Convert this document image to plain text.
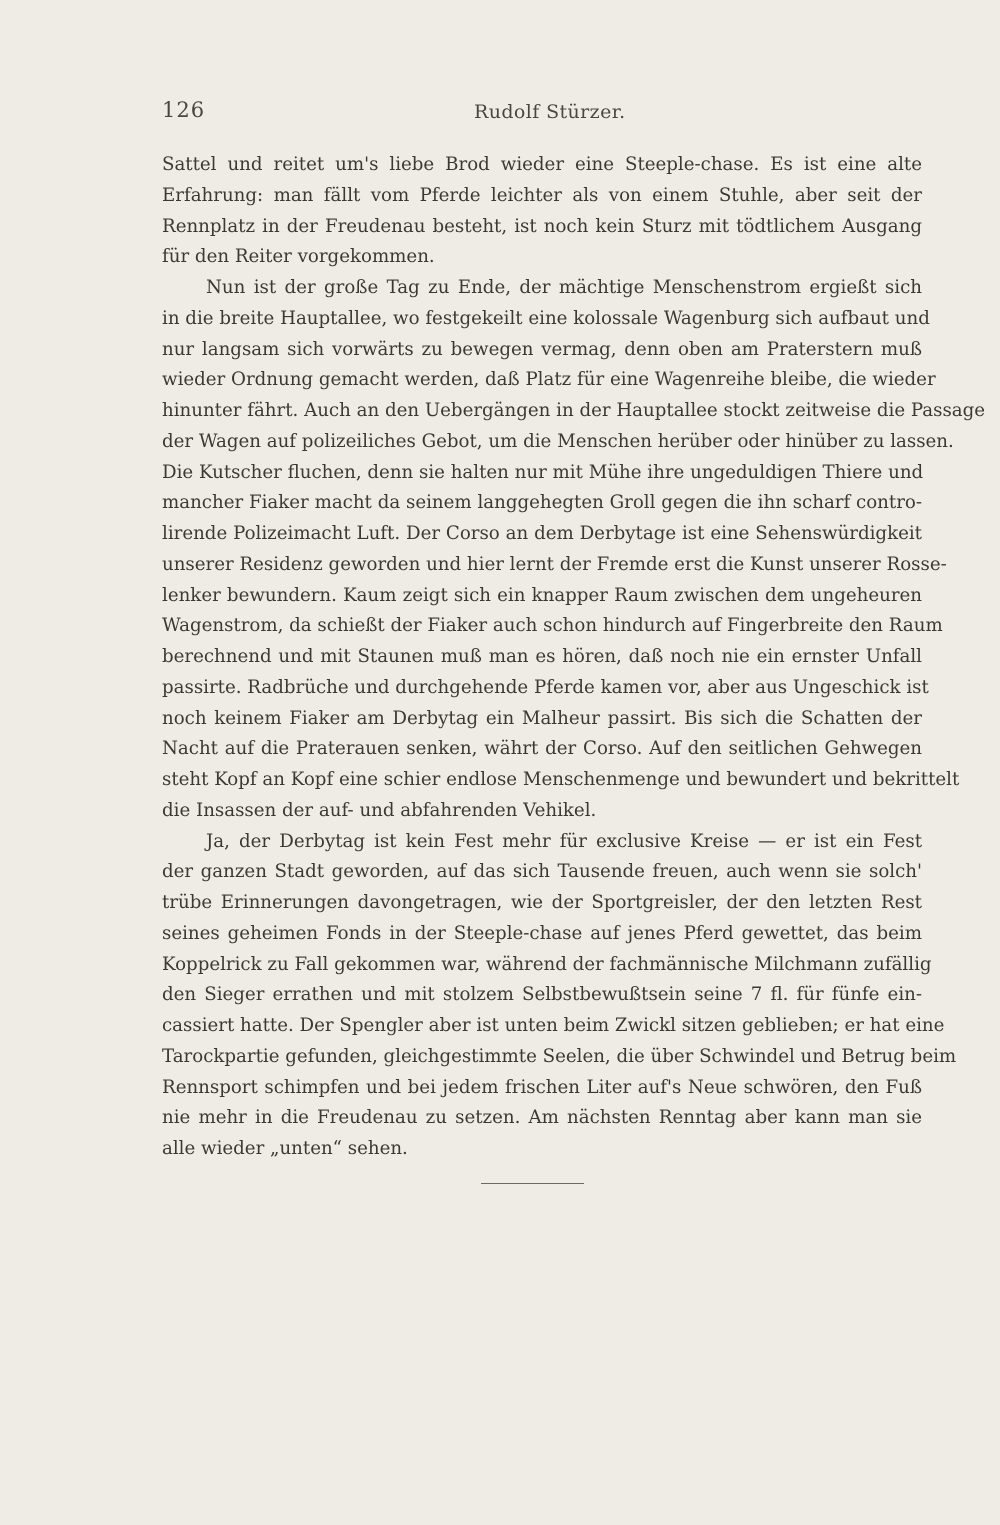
126	Rudolf Stürzer.
Sattel und reitet um's liebe Brod wieder eine Steeple-chase. Es ist eine alte
Erfahrung: man fällt vom Pferde leichter als von einem Stuhle, aber seit der
Rennplatz in der Freudenau besteht, ist noch kein Sturz mit tödtlichem Ausgang
für den Reiter vorgekommen.
Nun ist der große Tag zu Ende, der mächtige Menschenstrom ergießt sich
in die breite Hauptallee, wo festgekeilt eine kolossale Wagenburg sich aufbaut und
nur langsam sich vorwärts zu bewegen vermag, denn oben am Praterstern muß
wieder Ordnung gemacht werden, daß Platz für eine Wagenreihe bleibe, die wieder
hinunter fährt. Auch an den Uebergängen in der Hauptallee stockt zeitweise die Passage
der Wagen auf polizeiliches Gebot, um die Menschen herüber oder hinüber zu lassen.
Die Kutscher fluchen, denn sie halten nur mit Mühe ihre ungeduldigen Thiere und
mancher Fiaker macht da seinem langgehegten Groll gegen die ihn scharf contro-
lirende Polizeimacht Luft. Der Corso an dem Derbytage ist eine Sehenswürdigkeit
unserer Residenz geworden und hier lernt der Fremde erst die Kunst unserer Rosse-
lenker bewundern. Kaum zeigt sich ein knapper Raum zwischen dem ungeheuren
Wagenstrom, da schießt der Fiaker auch schon hindurch auf Fingerbreite den Raum
berechnend und mit Staunen muß man es hören, daß noch nie ein ernster Unfall
passirte. Radbrüche und durchgehende Pferde kamen vor, aber aus Ungeschick ist
noch keinem Fiaker am Derbytag ein Malheur passirt. Bis sich die Schatten der
Nacht auf die Praterauen senken, währt der Corso. Auf den seitlichen Gehwegen
steht Kopf an Kopf eine schier endlose Menschenmenge und bewundert und bekrittelt
die Insassen der auf- und abfahrenden Vehikel.
Ja, der Derbytag ist kein Fest mehr für exclusive Kreise — er ist ein Fest
der ganzen Stadt geworden, auf das sich Tausende freuen, auch wenn sie solch'
trübe Erinnerungen davongetragen, wie der Sportgreisler, der den letzten Rest
seines geheimen Fonds in der Steeple-chase auf jenes Pferd gewettet, das beim
Koppelrick zu Fall gekommen war, während der fachmännische Milchmann zufällig
den Sieger errathen und mit stolzem Selbstbewußtsein seine 7 fl. für fünfe ein-
cassiert hatte. Der Spengler aber ist unten beim Zwickl sitzen geblieben; er hat eine
Tarockpartie gefunden, gleichgestimmte Seelen, die über Schwindel und Betrug beim
Rennsport schimpfen und bei jedem frischen Liter auf's Neue schwören, den Fuß
nie mehr in die Freudenau zu setzen. Am nächsten Renntag aber kann man sie
alle wieder „unten“ sehen.
